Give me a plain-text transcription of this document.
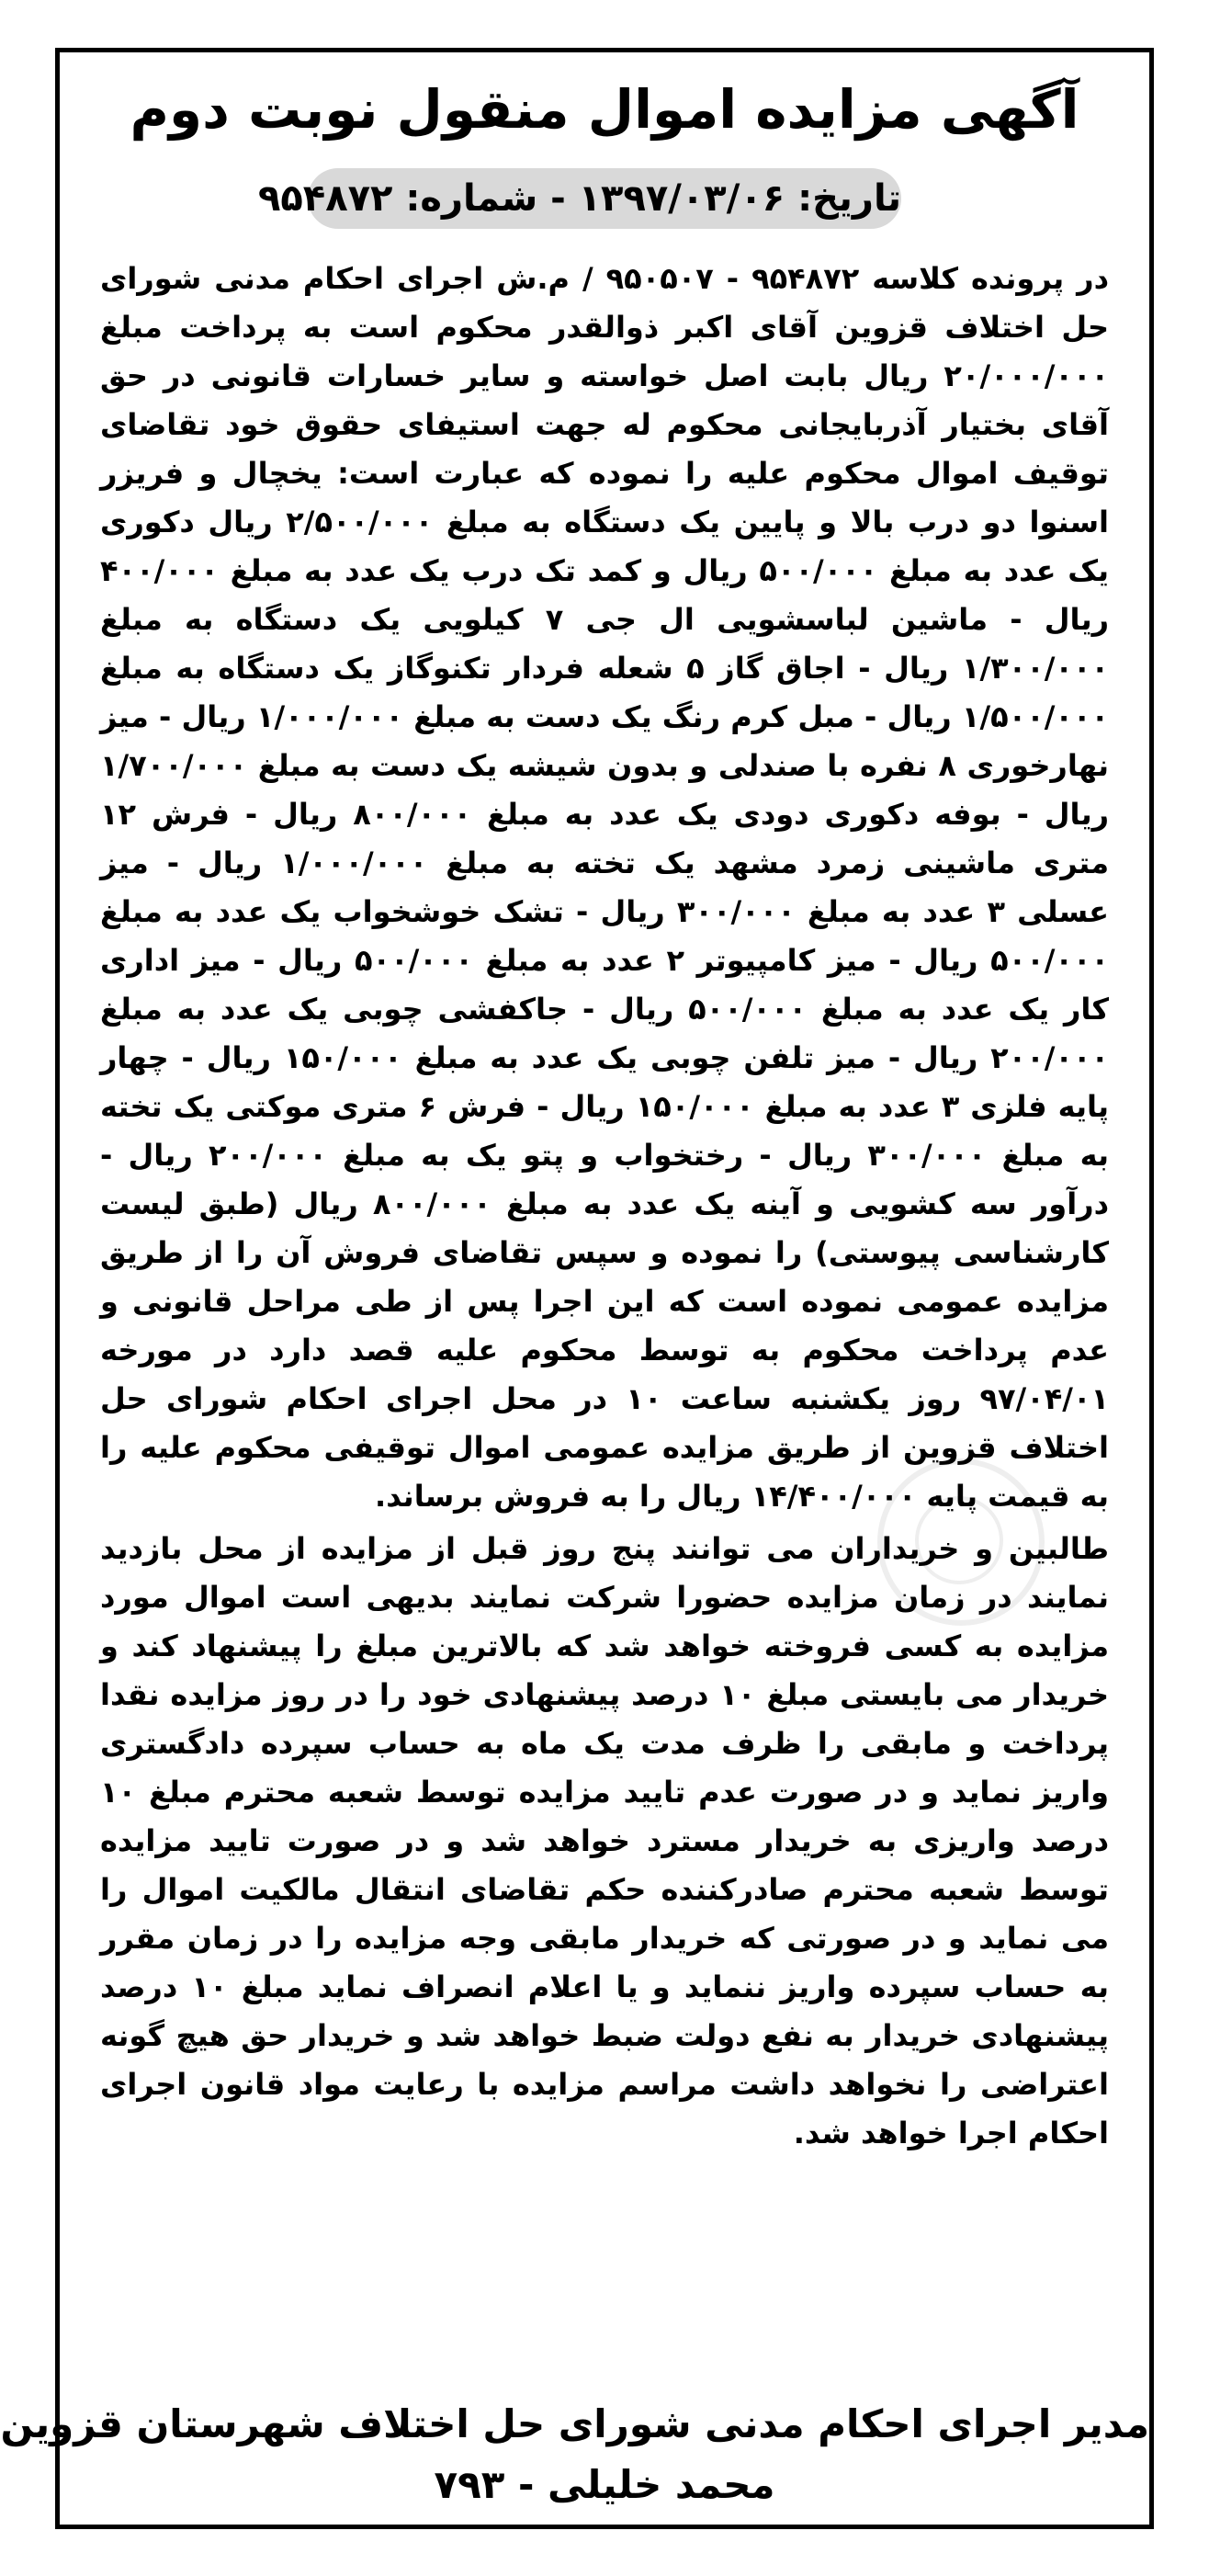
آگهی مزایده اموال منقول نوبت دوم
تاریخ: ۱۳۹۷/۰۳/۰۶ - شماره: ۹۵۴۸۷۲

در پرونده کلاسه ۹۵۴۸۷۲ - ۹۵۰۵۰۷ / م.ش اجرای احکام مدنی شورای حل اختلاف قزوین آقای اکبر ذوالقدر محکوم است به پرداخت مبلغ ۲۰/۰۰۰/۰۰۰ ریال بابت اصل خواسته و سایر خسارات قانونی در حق آقای بختیار آذربایجانی محکوم له جهت استیفای حقوق خود تقاضای توقیف اموال محکوم علیه را نموده که عبارت است: یخچال و فریزر اسنوا دو درب بالا و پایین یک دستگاه به مبلغ ۲/۵۰۰/۰۰۰ ریال دکوری یک عدد به مبلغ ۵۰۰/۰۰۰ ریال و کمد تک درب یک عدد به مبلغ ۴۰۰/۰۰۰ ریال - ماشین لباسشویی ال جی ۷ کیلویی یک دستگاه به مبلغ ۱/۳۰۰/۰۰۰ ریال - اجاق گاز ۵ شعله فردار تکنوگاز یک دستگاه به مبلغ ۱/۵۰۰/۰۰۰ ریال - مبل کرم رنگ یک دست به مبلغ ۱/۰۰۰/۰۰۰ ریال - میز نهارخوری ۸ نفره با صندلی و بدون شیشه یک دست به مبلغ ۱/۷۰۰/۰۰۰ ریال - بوفه دکوری دودی یک عدد به مبلغ ۸۰۰/۰۰۰ ریال - فرش ۱۲ متری ماشینی زمرد مشهد یک تخته به مبلغ ۱/۰۰۰/۰۰۰ ریال - میز عسلی ۳ عدد به مبلغ ۳۰۰/۰۰۰ ریال - تشک خوشخواب یک عدد به مبلغ ۵۰۰/۰۰۰ ریال - میز کامپیوتر ۲ عدد به مبلغ ۵۰۰/۰۰۰ ریال - میز اداری کار یک عدد به مبلغ ۵۰۰/۰۰۰ ریال - جاکفشی چوبی یک عدد به مبلغ ۲۰۰/۰۰۰ ریال - میز تلفن چوبی یک عدد به مبلغ ۱۵۰/۰۰۰ ریال - چهار پایه فلزی ۳ عدد به مبلغ ۱۵۰/۰۰۰ ریال - فرش ۶ متری موکتی یک تخته به مبلغ ۳۰۰/۰۰۰ ریال - رختخواب و پتو یک به مبلغ ۲۰۰/۰۰۰ ریال - درآور سه کشویی و آینه یک عدد به مبلغ ۸۰۰/۰۰۰ ریال (طبق لیست کارشناسی پیوستی) را نموده و سپس تقاضای فروش آن را از طریق مزایده عمومی نموده است که این اجرا پس از طی مراحل قانونی و عدم پرداخت محکوم به توسط محکوم علیه قصد دارد در مورخه ۹۷/۰۴/۰۱ روز یکشنبه ساعت ۱۰ در محل اجرای احکام شورای حل اختلاف قزوین از طریق مزایده عمومی اموال توقیفی محکوم علیه را به قیمت پایه ۱۴/۴۰۰/۰۰۰ ریال را به فروش برساند.

طالبین و خریداران می توانند پنج روز قبل از مزایده از محل بازدید نمایند در زمان مزایده حضورا شرکت نمایند بدیهی است اموال مورد مزایده به کسی فروخته خواهد شد که بالاترین مبلغ را پیشنهاد کند و خریدار می بایستی مبلغ ۱۰ درصد پیشنهادی خود را در روز مزایده نقدا پرداخت و مابقی را ظرف مدت یک ماه به حساب سپرده دادگستری واریز نماید و در صورت عدم تایید مزایده توسط شعبه محترم مبلغ ۱۰ درصد واریزی به خریدار مسترد خواهد شد و در صورت تایید مزایده توسط شعبه محترم صادرکننده حکم تقاضای انتقال مالکیت اموال را می نماید و در صورتی که خریدار مابقی وجه مزایده را در زمان مقرر به حساب سپرده واریز ننماید و یا اعلام انصراف نماید مبلغ ۱۰ درصد پیشنهادی خریدار به نفع دولت ضبط خواهد شد و خریدار حق هیچ گونه اعتراضی را نخواهد داشت مراسم مزایده با رعایت مواد قانون اجرای احکام اجرا خواهد شد.

مدیر اجرای احکام مدنی شورای حل اختلاف شهرستان قزوین
محمد خلیلی - ۷۹۳
